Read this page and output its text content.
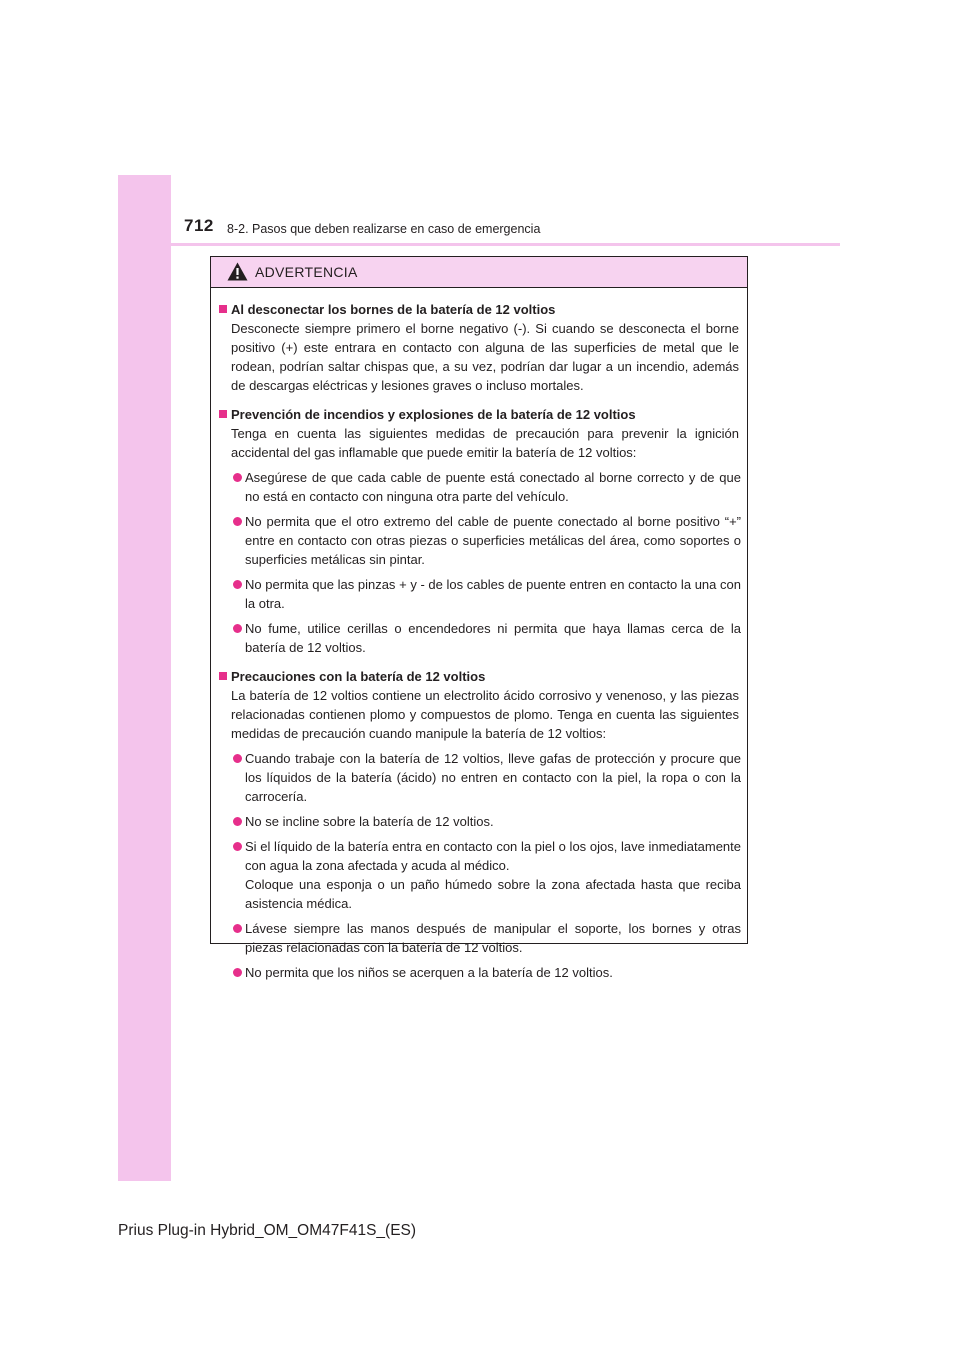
712 8-2. Pasos que deben realizarse en caso de emergencia
ADVERTENCIA
Al desconectar los bornes de la batería de 12 voltios

Desconecte siempre primero el borne negativo (-). Si cuando se desconecta el borne positivo (+) este entrara en contacto con alguna de las superficies de metal que le rodean, podrían saltar chispas que, a su vez, podrían dar lugar a un incendio, además de descargas eléctricas y lesiones graves o incluso mortales.

Prevención de incendios y explosiones de la batería de 12 voltios

Tenga en cuenta las siguientes medidas de precaución para prevenir la ignición accidental del gas inflamable que puede emitir la batería de 12 voltios:

Asegúrese de que cada cable de puente está conectado al borne correcto y de que no está en contacto con ninguna otra parte del vehículo.

No permita que el otro extremo del cable de puente conectado al borne positivo “+” entre en contacto con otras piezas o superficies metálicas del área, como soportes o superficies metálicas sin pintar.

No permita que las pinzas + y - de los cables de puente entren en contacto la una con la otra.

No fume, utilice cerillas o encendedores ni permita que haya llamas cerca de la batería de 12 voltios.

Precauciones con la batería de 12 voltios

La batería de 12 voltios contiene un electrolito ácido corrosivo y venenoso, y las piezas relacionadas contienen plomo y compuestos de plomo. Tenga en cuenta las siguientes medidas de precaución cuando manipule la batería de 12 voltios:

Cuando trabaje con la batería de 12 voltios, lleve gafas de protección y procure que los líquidos de la batería (ácido) no entren en contacto con la piel, la ropa o con la carrocería.

No se incline sobre la batería de 12 voltios.

Si el líquido de la batería entra en contacto con la piel o los ojos, lave inmediatamente con agua la zona afectada y acuda al médico.

Coloque una esponja o un paño húmedo sobre la zona afectada hasta que reciba asistencia médica.

Lávese siempre las manos después de manipular el soporte, los bornes y otras piezas relacionadas con la batería de 12 voltios.

No permita que los niños se acerquen a la batería de 12 voltios.

Prius Plug-in Hybrid_OM_OM47F41S_(ES)
